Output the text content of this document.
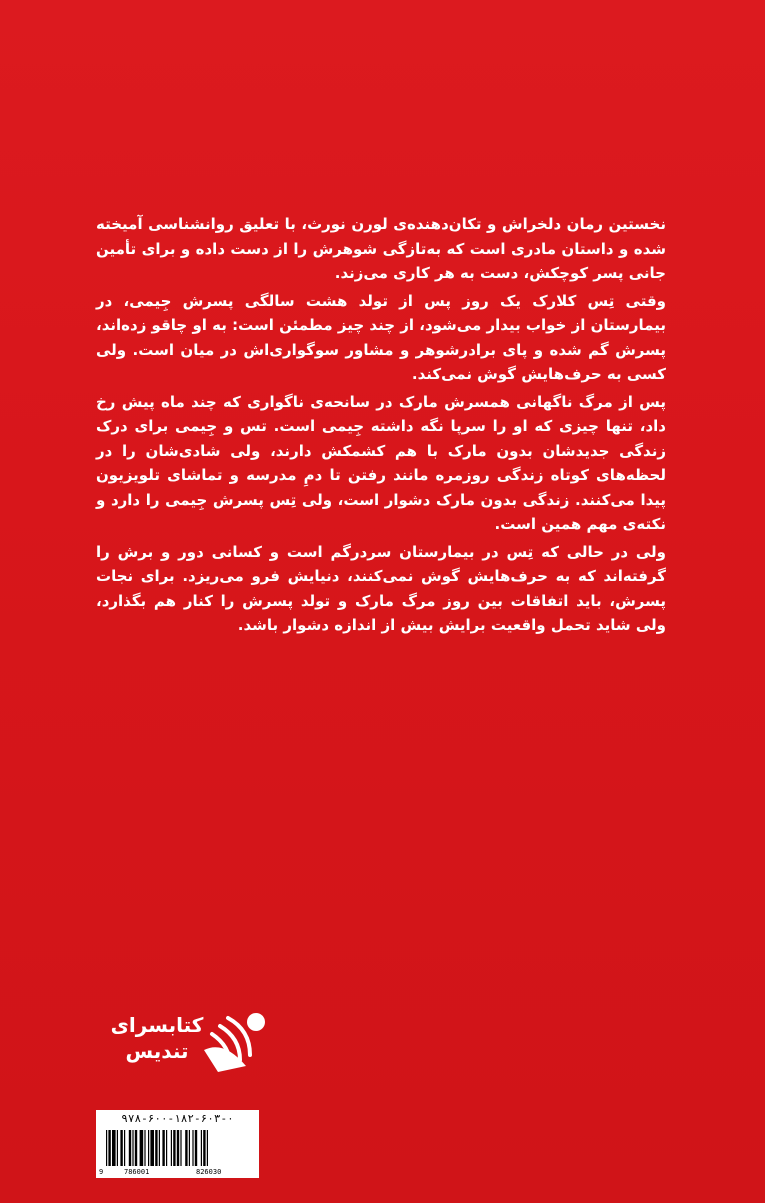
نخستین رمان دلخراش و تکان‌دهنده‌ی لورن نورث، با تعلیق روانشناسی آمیخته شده و داستان مادری است که به‌تازگی شوهرش را از دست داده و برای تأمین جانی پسر کوچکش، دست به هر کاری می‌زند.

وقتی تِس کلارک یک روز پس از تولد هشت سالگی پسرش جِیمی، در بیمارستان از خواب بیدار می‌شود، از چند چیز مطمئن است: به او چاقو زده‌اند، پسرش گم شده و پای برادرشوهر و مشاور سوگواری‌اش در میان است. ولی کسی به حرف‌هایش گوش نمی‌کند.

پس از مرگ ناگهانی همسرش مارک در سانحه‌ی ناگواری که چند ماه پیش رخ داد، تنها چیزی که او را سرپا نگه داشته جِیمی است. تس و جِیمی برای درک زندگی جدیدشان بدون مارک با هم کشمکش دارند، ولی شادی‌شان را در لحظه‌های کوتاه زندگی روزمره مانند رفتن تا دمِ مدرسه و تماشای تلویزیون پیدا می‌کنند. زندگی بدون مارک دشوار است، ولی تِس پسرش جِیمی را دارد و نکته‌ی مهم همین است.

ولی در حالی که تِس در بیمارستان سردرگم است و کسانی دور و برش را گرفته‌اند که به حرف‌هایش گوش نمی‌کنند، دنیایش فرو می‌ریزد. برای نجات پسرش، باید اتفاقات بین روز مرگ مارک و تولد پسرش را کنار هم بگذارد، ولی شاید تحمل واقعیت برایش بیش از اندازه دشوار باشد.

کتابسرای
تندیس
۹۷۸-۶۰۰-۱۸۲-۶۰۳-۰
9	786001	826030
